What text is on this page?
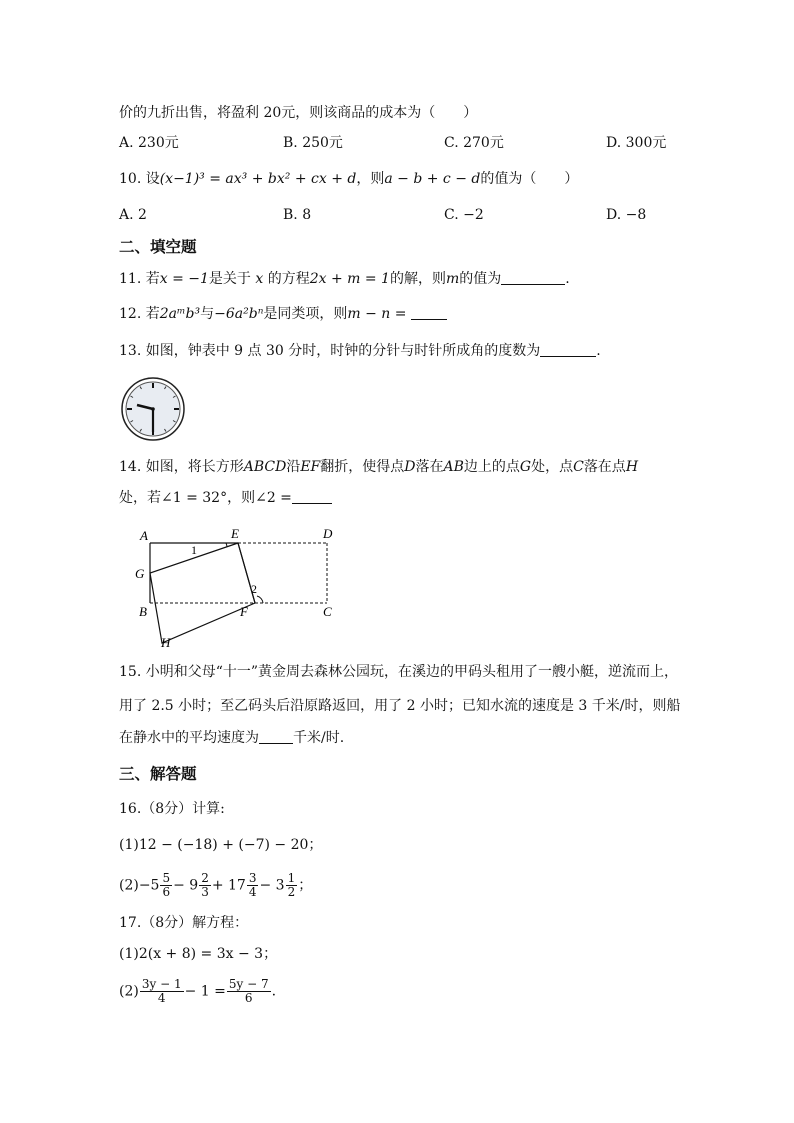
价的九折出售，将盈利 20元，则该商品的成本为（　　）
A. 230元	B. 250元	C. 270元	D. 300元
10. 设(x−1)³ = ax³ + bx² + cx + d，则a − b + c − d的值为（　　）
A. 2	B. 8	C. −2	D. −8
二、填空题
11. 若x = −1是关于 x 的方程2x + m = 1的解，则m的值为	.
12. 若2aᵐb³与−6a²bⁿ是同类项，则m − n =
13. 如图，钟表中 9 点 30 分时，时钟的分针与时针所成角的度数为	.
14. 如图，将长方形ABCD沿EF翻折，使得点D落在AB边上的点G处，点C落在点H
处，若∠1 = 32°，则∠2 =
A	E	D
G
B	F	C
H
1
2
15. 小明和父母“十一”黄金周去森林公园玩，在溪边的甲码头租用了一艘小艇，逆流而上，
用了 2.5 小时；至乙码头后沿原路返回，用了 2 小时；已知水流的速度是 3 千米/时，则船
在静水中的平均速度为 千米/时.
三、解答题
16.（8分）计算:
(1)12 − (−18) + (−7) − 20；
$(2)-5 \frac{5}{6} - 9 \frac{2}{3} + 17 \frac{3}{4} - 3 \frac{1}{2}$ ；
17.（8分）解方程：
(1)2(x + 8) = 3x − 3；
$(2) \frac{3y - 1}{4} - 1 = \frac{5y - 7}{6}$ .
